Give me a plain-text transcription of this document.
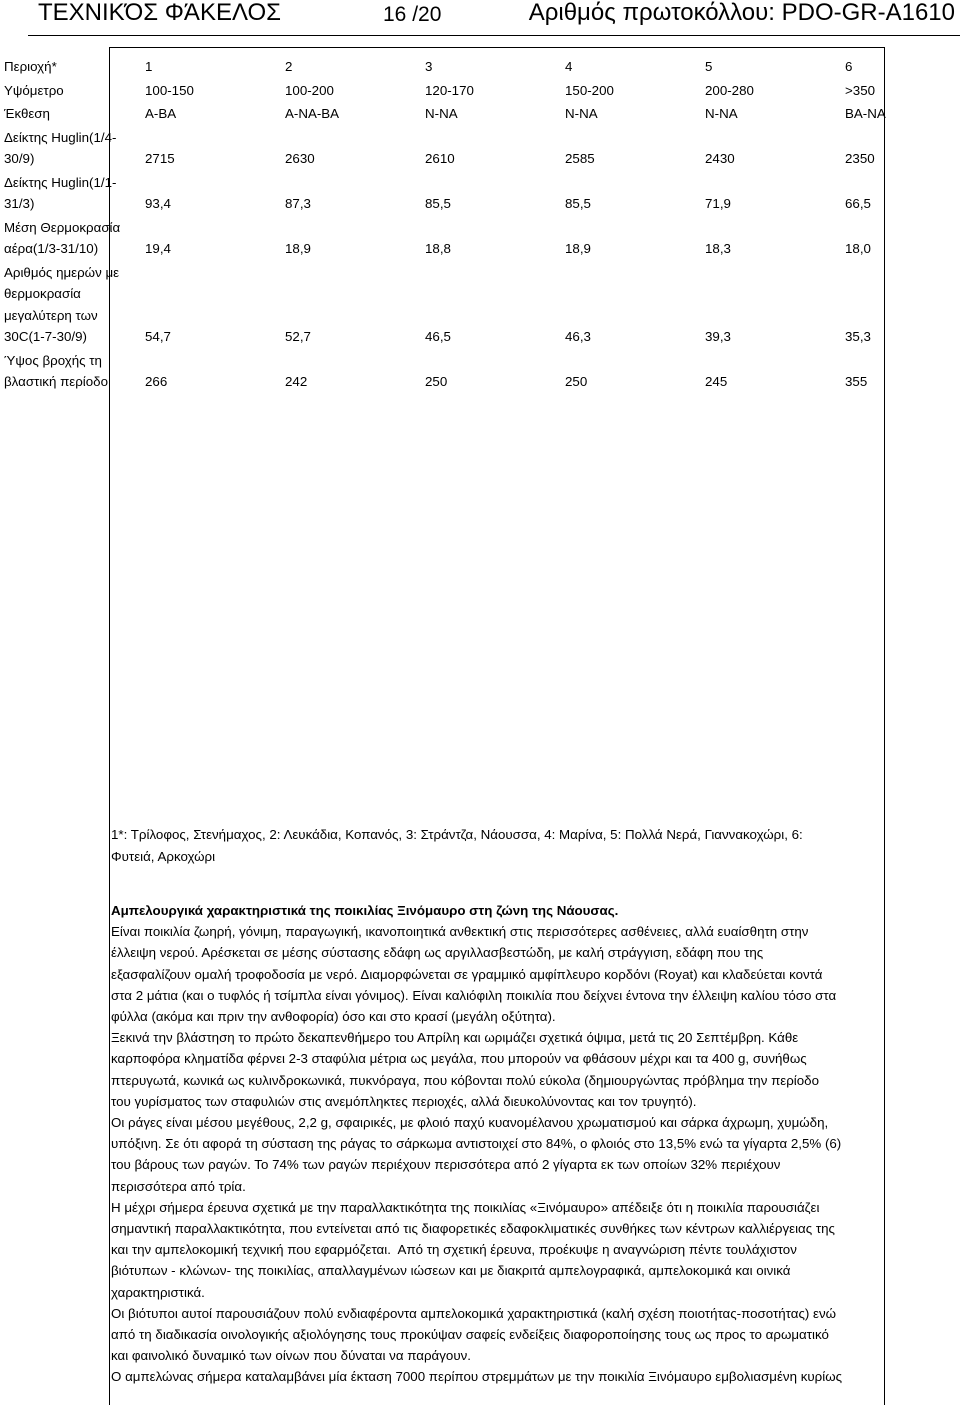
ΤΕΧΝΙΚΌΣ ΦΆΚΕΛΟΣ	16 /20	Αριθμός πρωτοκόλλου: PDO-GR-A1610
Περιοχή*	1	2	3	4	5	6
Υψόμετρο	100-150	100-200	120-170	150-200	200-280	>350
Έκθεση	Α-ΒΑ	Α-ΝΑ-ΒΑ	Ν-ΝΑ	Ν-ΝΑ	Ν-ΝΑ	ΒΑ-ΝΑ
Δείκτης Huglin(1/4-
30/9)	2715	2630	2610	2585	2430	2350
Δείκτης Huglin(1/1-
31/3)	93,4	87,3	85,5	85,5	71,9	66,5
Μέση Θερμοκρασία
αέρα(1/3-31/10)	19,4	18,9	18,8	18,9	18,3	18,0
Αριθμός ημερών με
θερμοκρασία
μεγαλύτερη των
30C(1-7-30/9)	54,7	52,7	46,5	46,3	39,3	35,3
Ύψος βροχής τη
βλαστική περίοδο	266	242	250	250	245	355
1*: Τρίλοφος, Στενήμαχος, 2: Λευκάδια, Κοπανός, 3: Στράντζα, Νάουσσα, 4: Μαρίνα, 5: Πολλά Νερά, Γιαννακοχώρι, 6:
Φυτειά, Αρκοχώρι
Αμπελουργικά χαρακτηριστικά της ποικιλίας Ξινόμαυρο στη ζώνη της Νάουσας.
Είναι ποικιλία ζωηρή, γόνιμη, παραγωγική, ικανοποιητικά ανθεκτική στις περισσότερες ασθένειες, αλλά ευαίσθητη στην
έλλειψη νερού. Αρέσκεται σε μέσης σύστασης εδάφη ως αργιλλασβεστώδη, με καλή στράγγιση, εδάφη που της
εξασφαλίζουν ομαλή τροφοδοσία με νερό. Διαμορφώνεται σε γραμμικό αμφίπλευρο κορδόνι (Royat) και κλαδεύεται κοντά
στα 2 μάτια (και ο τυφλός ή τσίμπλα είναι γόνιμος). Είναι καλιόφιλη ποικιλία που δείχνει έντονα την έλλειψη καλίου τόσο στα
φύλλα (ακόμα και πριν την ανθοφορία) όσο και στο κρασί (μεγάλη οξύτητα).
Ξεκινά την βλάστηση το πρώτο δεκαπενθήμερο του Απρίλη και ωριμάζει σχετικά όψιμα, μετά τις 20 Σεπτέμβρη. Κάθε
καρποφόρα κληματίδα φέρνει 2-3 σταφύλια μέτρια ως μεγάλα, που μπορούν να φθάσουν μέχρι και τα 400 g, συνήθως
πτερυγωτά, κωνικά ως κυλινδροκωνικά, πυκνόραγα, που κόβονται πολύ εύκολα (δημιουργώντας πρόβλημα την περίοδο
του γυρίσματος των σταφυλιών στις ανεμόπληκτες περιοχές, αλλά διευκολύνοντας και τον τρυγητό).
Οι ράγες είναι μέσου μεγέθους, 2,2 g, σφαιρικές, με φλοιό παχύ κυανομέλανου χρωματισμού και σάρκα άχρωμη, χυμώδη,
υπόξινη. Σε ότι αφορά τη σύσταση της ράγας το σάρκωμα αντιστοιχεί στο 84%, ο φλοιός στο 13,5% ενώ τα γίγαρτα 2,5% (6)
του βάρους των ραγών. Το 74% των ραγών περιέχουν περισσότερα από 2 γίγαρτα εκ των οποίων 32% περιέχουν
περισσότερα από τρία.
Η μέχρι σήμερα έρευνα σχετικά με την παραλλακτικότητα της ποικιλίας «Ξινόμαυρο» απέδειξε ότι η ποικιλία παρουσιάζει
σημαντική παραλλακτικότητα, που εντείνεται από τις διαφορετικές εδαφοκλιματικές συνθήκες των κέντρων καλλιέργειας της
και την αμπελοκομική τεχνική που εφαρμόζεται.  Από τη σχετική έρευνα, προέκυψε η αναγνώριση πέντε τουλάχιστον
βιότυπων - κλώνων- της ποικιλίας, απαλλαγμένων ιώσεων και με διακριτά αμπελογραφικά, αμπελοκομικά και οινικά
χαρακτηριστικά.
Οι βιότυποι αυτοί παρουσιάζουν πολύ ενδιαφέροντα αμπελοκομικά χαρακτηριστικά (καλή σχέση ποιοτήτας-ποσοτήτας) ενώ
από τη διαδικασία οινολογικής αξιολόγησης τους προκύψαν σαφείς ενδείξεις διαφοροποίησης τους ως προς το αρωματικό
και φαινολικό δυναμικό των οίνων που δύναται να παράγουν.
Ο αμπελώνας σήμερα καταλαμβάνει μία έκταση 7000 περίπου στρεμμάτων με την ποικιλία Ξινόμαυρο εμβολιασμένη κυρίως
